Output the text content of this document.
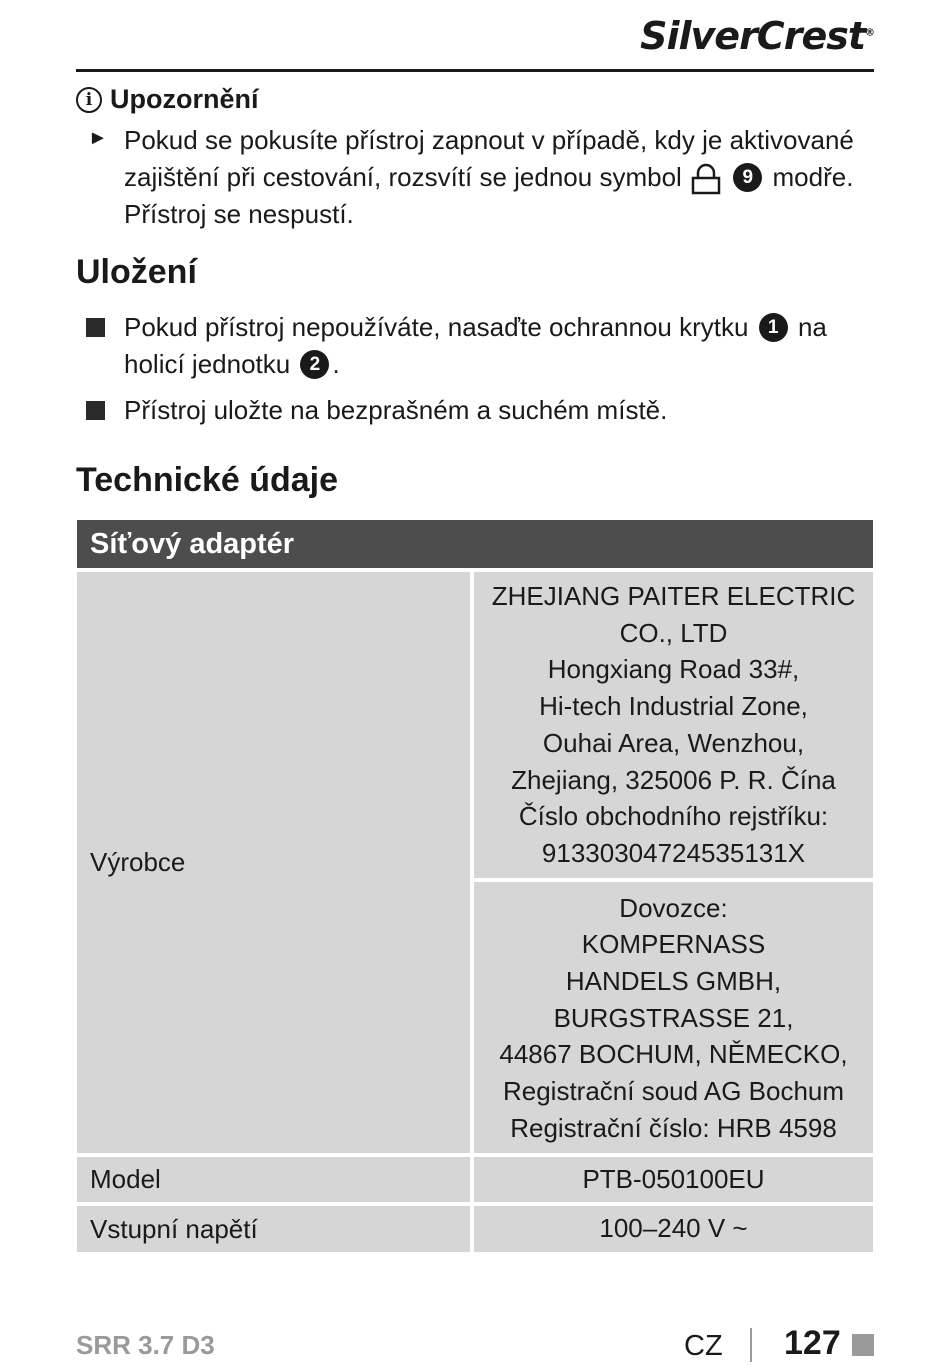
SilverCrest®
i Upozornění
► Pokud se pokusíte přístroj zapnout v případě, kdy je aktivované
zajištění při cestování, rozsvítí se jednou symbol	9 modře.
Přístroj se nespustí.
Uložení
Pokud přístroj nepoužíváte, nasaďte ochrannou krytku 1 na
holicí jednotku 2 .
Přístroj uložte na bezprašném a suchém místě.
Technické údaje
Síťový adaptér
Výrobce
ZHEJIANG PAITER ELECTRIC
CO., LTD
Hongxiang Road 33#,
Hi-tech Industrial Zone,
Ouhai Area, Wenzhou,
Zhejiang, 325006 P. R. Čína
Číslo obchodního rejstříku:
91330304724535131X
Dovozce:
KOMPERNASS
HANDELS GMBH,
BURGSTRASSE 21,
44867 BOCHUM, NĚMECKO,
Registrační soud AG Bochum
Registrační číslo: HRB 4598
Model	PTB-050100EU
Vstupní napětí	100–240 V ~
SRR 3.7 D3	CZ 127
